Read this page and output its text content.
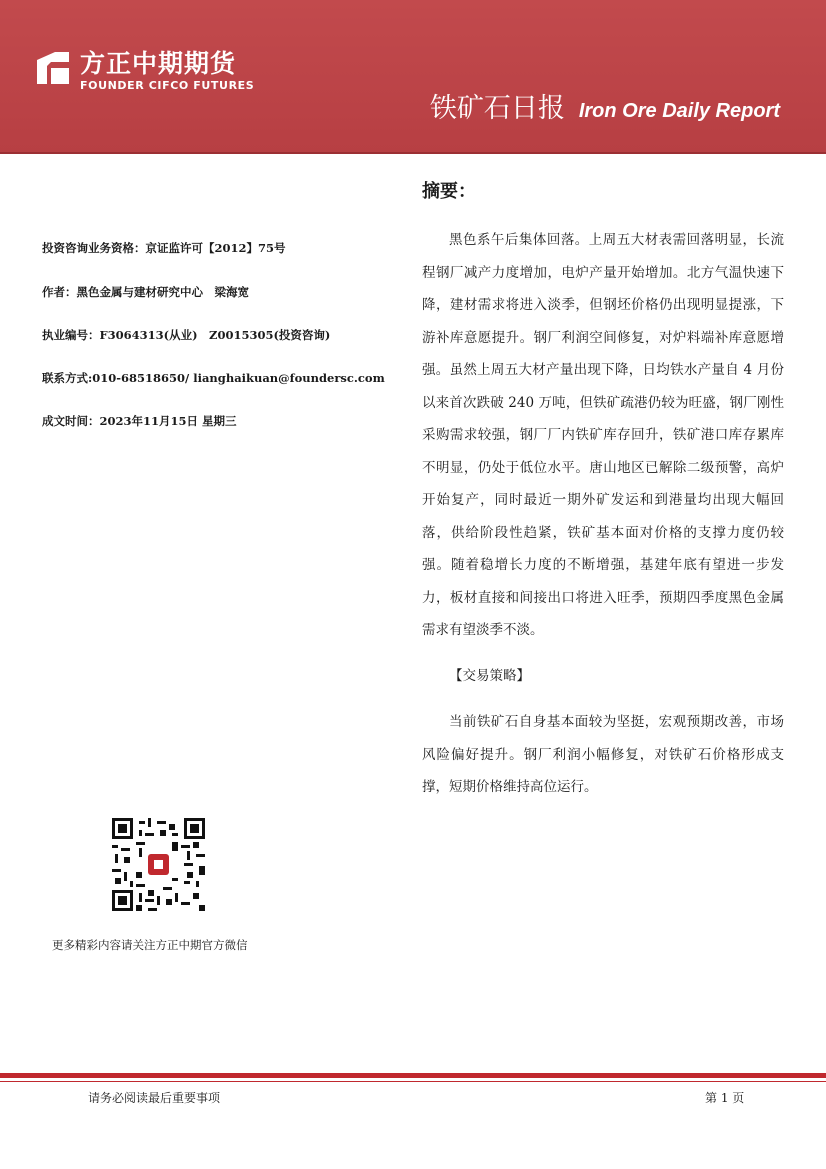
方正中期期货
FOUNDER CIFCO FUTURES
铁矿石日报 Iron Ore Daily Report
投资咨询业务资格：京证监许可【2012】75号
作者：黑色金属与建材研究中心　梁海宽
执业编号：F3064313(从业)　Z0015305(投资咨询)
联系方式:010-68518650/ lianghaikuan@foundersc.com
成文时间：2023年11月15日 星期三
摘要：
黑色系午后集体回落。上周五大材表需回落明显，长流程钢厂减产力度增加，电炉产量开始增加。北方气温快速下降，建材需求将进入淡季，但钢坯价格仍出现明显提涨，下游补库意愿提升。钢厂利润空间修复，对炉料端补库意愿增强。虽然上周五大材产量出现下降，日均铁水产量自 4 月份以来首次跌破 240 万吨，但铁矿疏港仍较为旺盛，钢厂刚性采购需求较强，钢厂厂内铁矿库存回升，铁矿港口库存累库不明显，仍处于低位水平。唐山地区已解除二级预警，高炉开始复产，同时最近一期外矿发运和到港量均出现大幅回落，供给阶段性趋紧，铁矿基本面对价格的支撑力度仍较强。随着稳增长力度的不断增强，基建年底有望进一步发力，板材直接和间接出口将进入旺季，预期四季度黑色金属需求有望淡季不淡。
【交易策略】
当前铁矿石自身基本面较为坚挺，宏观预期改善，市场风险偏好提升。钢厂利润小幅修复，对铁矿石价格形成支撑，短期价格维持高位运行。
更多精彩内容请关注方正中期官方微信
请务必阅读最后重要事项	第 1 页
